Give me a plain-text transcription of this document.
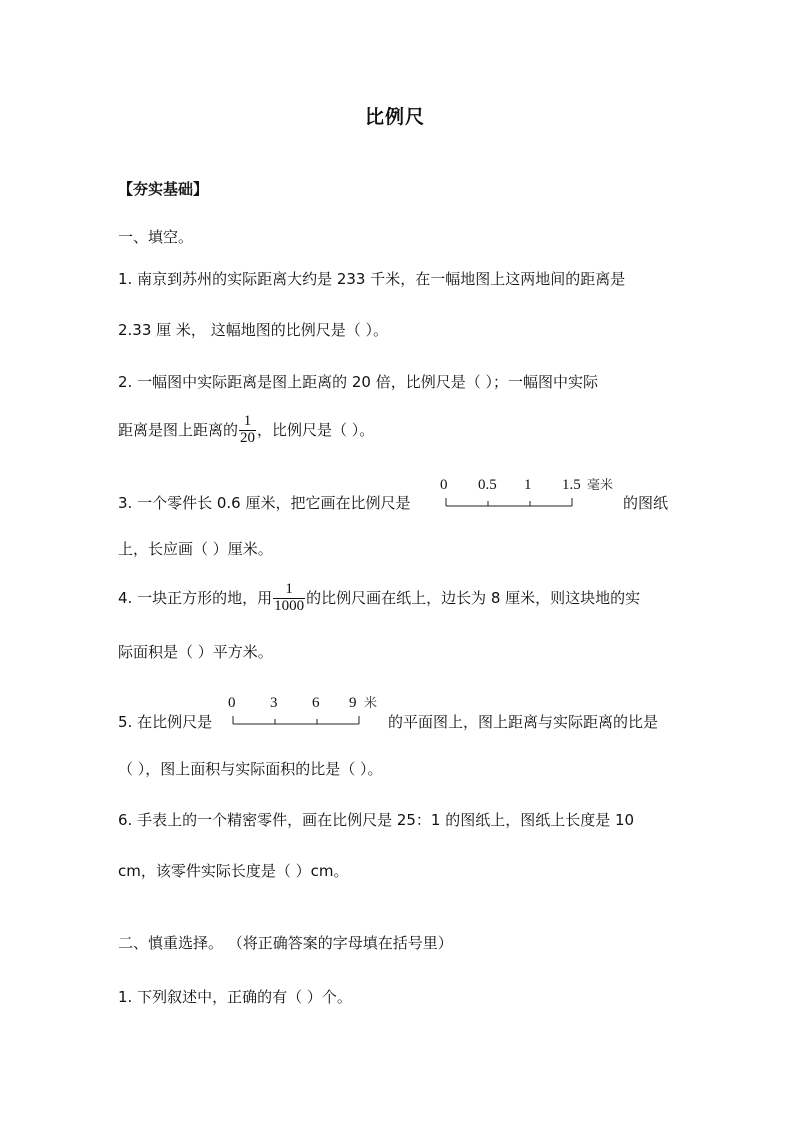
比例尺
【夯实基础】
一、填空。
1. 南京到苏州的实际距离大约是 233 千米，在一幅地图上这两地间的距离是
2.33 厘 米， 这幅地图的比例尺是（ ）。
2. 一幅图中实际距离是图上距离的 20 倍，比例尺是（ ）；一幅图中实际
距离是图上距离的 $\frac{1}{20}$ ，比例尺是（ ）。
3. 一个零件长 0.6 厘米，把它画在比例尺是
0 0.5 1 1.5 毫米
的图纸
上，长应画（ ）厘米。
4. 一块正方形的地，用 $\frac{1}{1000}$ 的比例尺画在纸上，边长为 8 厘米，则这块地的实
际面积是（ ）平方米。
5. 在比例尺是
0 3 6 9 米
的平面图上，图上距离与实际距离的比是
（ ），图上面积与实际面积的比是（ ）。
6. 手表上的一个精密零件，画在比例尺是 25：1 的图纸上，图纸上长度是 10
cm，该零件实际长度是（ ）cm。
二、慎重选择。 （将正确答案的字母填在括号里）
1. 下列叙述中，正确的有（ ）个。
